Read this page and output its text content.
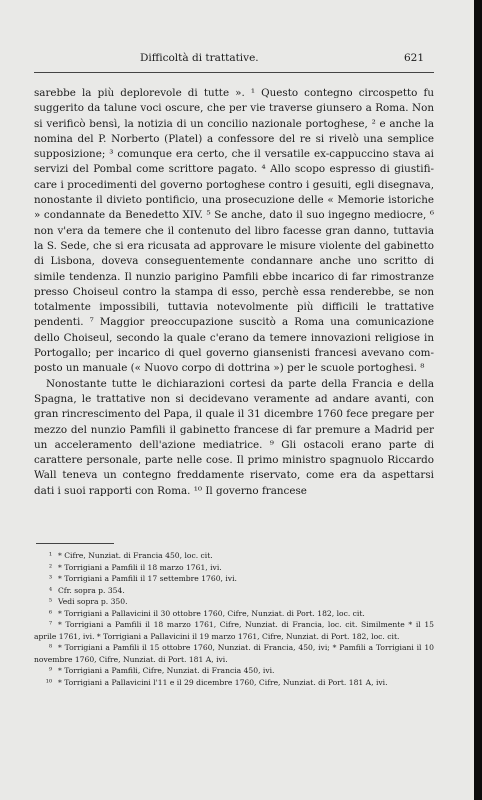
Difficoltà di trattative.	621

sarebbe la più deplorevole di tutte ». ¹ Questo contegno circospetto fu suggerito da talune voci oscure, che per vie traverse giunsero a Roma. Non si verificò bensì, la notizia di un concilio nazionale portoghese, ² e anche la nomina del P. Norberto (Platel) a confessore del re si rivelò una semplice supposizione; ³ comunque era certo, che il versatile ex-cappuccino stava ai servizi del Pombal come scrittore pagato. ⁴ Allo scopo espresso di giustificare i procedimenti del governo portoghese contro i gesuiti, egli disegnava, nonostante il divieto pontificio, una prosecuzione delle « Memorie istoriche » condannate da Benedetto XIV. ⁵ Se anche, dato il suo ingegno mediocre, ⁶ non v'era da temere che il contenuto del libro facesse gran danno, tuttavia la S. Sede, che si era ricusata ad approvare le misure violente del gabinetto di Lisbona, doveva conseguentemente condannare anche uno scritto di simile tendenza. Il nunzio parigino Pamfili ebbe incarico di far rimostranze presso Choiseul contro la stampa di esso, perchè essa renderebbe, se non totalmente impossibili, tuttavia notevolmente più difficili le trattative pendenti. ⁷ Maggior preoccupazione suscitò a Roma una comunicazione dello Choiseul, secondo la quale c'erano da temere innovazioni religiose in Portogallo; per incarico di quel governo giansenisti francesi avevano composto un manuale (« Nuovo corpo di dottrina ») per le scuole portoghesi. ⁸

Nonostante tutte le dichiarazioni cortesi da parte della Francia e della Spagna, le trattative non si decidevano veramente ad andare avanti, con gran rincrescimento del Papa, il quale il 31 dicembre 1760 fece pregare per mezzo del nunzio Pamfili il gabinetto francese di far premure a Madrid per un acceleramento dell'azione mediatrice. ⁹ Gli ostacoli erano parte di carattere personale, parte nelle cose. Il primo ministro spagnuolo Riccardo Wall teneva un contegno freddamente riservato, come era da aspettarsi dati i suoi rapporti con Roma. ¹⁰ Il governo francese

¹ * Cifre, Nunziat. di Francia 450, loc. cit.

² * Torrigiani a Pamfili il 18 marzo 1761, ivi.

³ * Torrigiani a Pamfili il 17 settembre 1760, ivi.

⁴ Cfr. sopra p. 354.

⁵ Vedi sopra p. 350.

⁶ * Torrigiani a Pallavicini il 30 ottobre 1760, Cifre, Nunziat. di Port. 182, loc. cit.

⁷ * Torrigiani a Pamfili il 18 marzo 1761, Cifre, Nunziat. di Francia, loc. cit. Similmente * il 15 aprile 1761, ivi. * Torrigiani a Pallavicini il 19 marzo 1761, Cifre, Nunziat. di Port. 182, loc. cit.

⁸ * Torrigiani a Pamfili il 15 ottobre 1760, Nunziat. di Francia, 450, ivi; * Pamfili a Torrigiani il 10 novembre 1760, Cifre, Nunziat. di Port. 181 A, ivi.

⁹ * Torrigiani a Pamfili, Cifre, Nunziat. di Francia 450, ivi.

¹⁰ * Torrigiani a Pallavicini l'11 e il 29 dicembre 1760, Cifre, Nunziat. di Port. 181 A, ivi.
